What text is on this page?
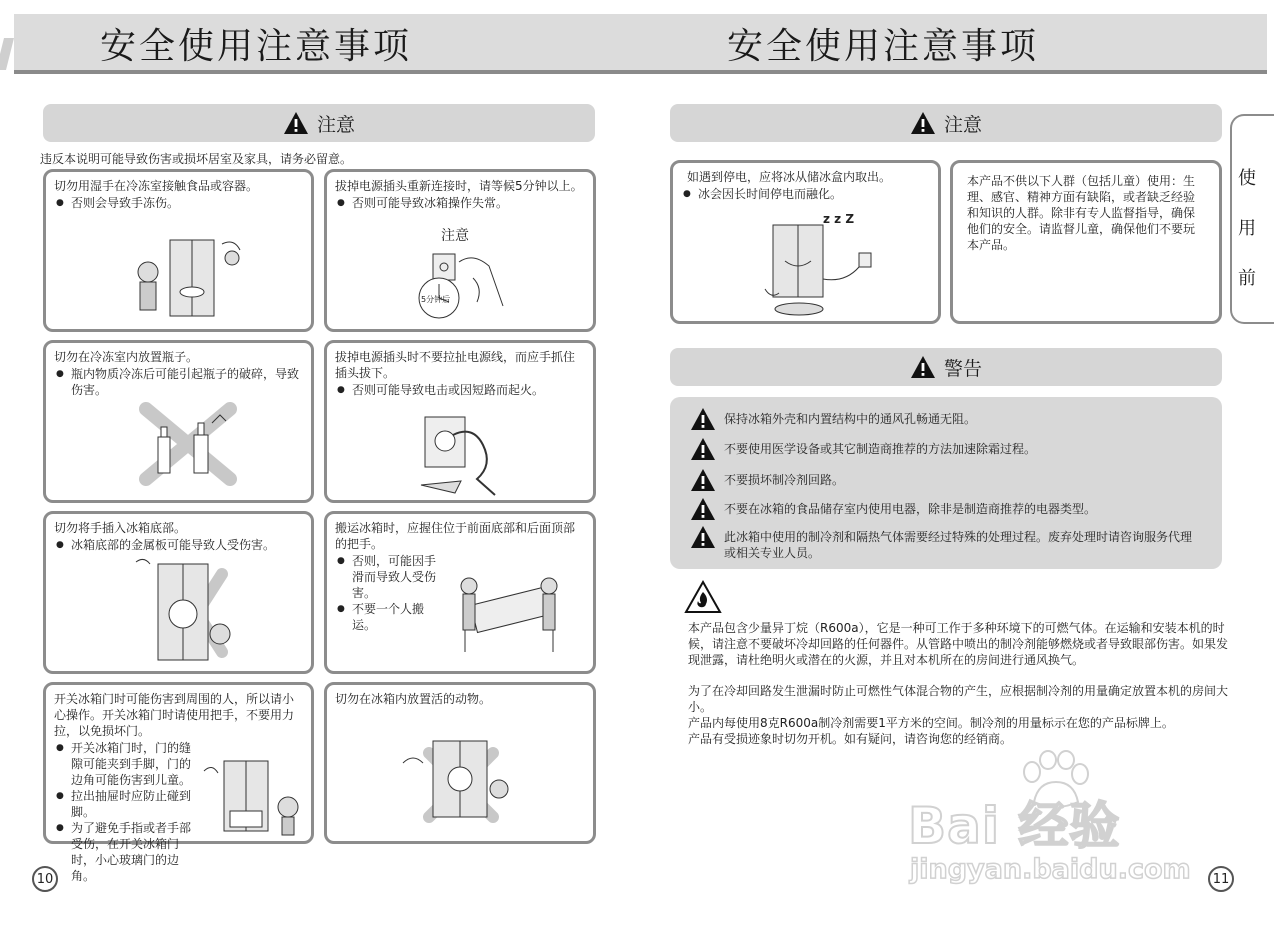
安全使用注意事项	安全使用注意事项
注意
违反本说明可能导致伤害或损坏居室及家具，请务必留意。
切勿用湿手在冷冻室接触食品或容器。
● 否则会导致手冻伤。
拔掉电源插头重新连接时，请等候5分钟以上。
● 否则可能导致冰箱操作失常。
注意
5分钟后
切勿在冷冻室内放置瓶子。
● 瓶内物质冷冻后可能引起瓶子的破碎，导致伤害。
拔掉电源插头时不要拉扯电源线，而应手抓住插头拔下。
● 否则可能导致电击或因短路而起火。
切勿将手插入冰箱底部。
● 冰箱底部的金属板可能导致人受伤害。
搬运冰箱时，应握住位于前面底部和后面顶部的把手。
● 否则，可能因手滑而导致人受伤害。
● 不要一个人搬运。
开关冰箱门时可能伤害到周围的人，所以请小心操作。开关冰箱门时请使用把手，不要用力拉，以免损坏门。
● 开关冰箱门时，门的缝隙可能夹到手脚，门的边角可能伤害到儿童。
● 拉出抽屉时应防止碰到脚。
● 为了避免手指或者手部受伤，在开关冰箱门时，小心玻璃门的边角。
切勿在冰箱内放置活的动物。
10
注意
如遇到停电，应将冰从储冰盒内取出。
● 冰会因长时间停电而融化。
z z Z
本产品不供以下人群（包括儿童）使用：生理、感官、精神方面有缺陷，或者缺乏经验和知识的人群。除非有专人监督指导，确保他们的安全。请监督儿童，确保他们不要玩本产品。
警告
保持冰箱外壳和内置结构中的通风孔畅通无阻。
不要使用医学设备或其它制造商推荐的方法加速除霜过程。
不要损坏制冷剂回路。
不要在冰箱的食品储存室内使用电器，除非是制造商推荐的电器类型。
此冰箱中使用的制冷剂和隔热气体需要经过特殊的处理过程。废弃处理时请咨询服务代理或相关专业人员。
本产品包含少量异丁烷（R600a），它是一种可工作于多种环境下的可燃气体。在运输和安装本机的时候，请注意不要破坏冷却回路的任何器件。从管路中喷出的制冷剂能够燃烧或者导致眼部伤害。如果发现泄露，请杜绝明火或潜在的火源，并且对本机所在的房间进行通风换气。
为了在冷却回路发生泄漏时防止可燃性气体混合物的产生，应根据制冷剂的用量确定放置本机的房间大小。
产品内每使用8克R600a制冷剂需要1平方米的空间。制冷剂的用量标示在您的产品标牌上。
产品有受损迹象时切勿开机。如有疑问，请咨询您的经销商。
使
用
前
Bai 经验
jingyan.baidu.com	11
